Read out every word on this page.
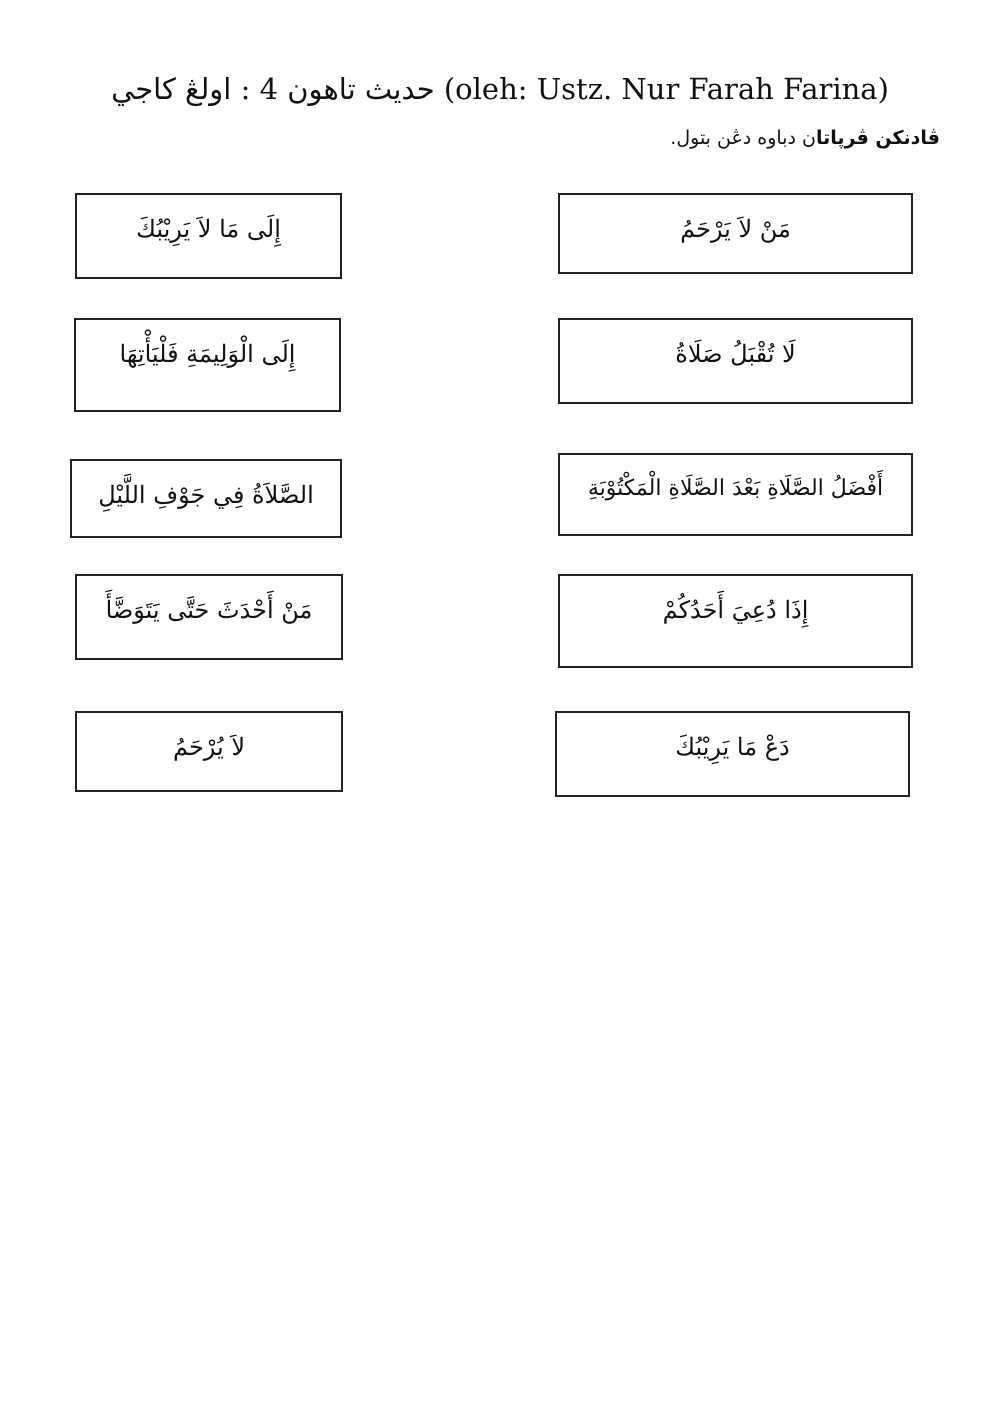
حديث تاهون 4 : اولڠ كاجي (oleh: Ustz. Nur Farah Farina)
ڤادنكن ڤرڽاتان دباوه دڠن بتول.
إِلَى مَا لاَ يَرِيْبُكَ
إِلَى الْوَلِيمَةِ فَلْيَأْتِهَا
الصَّلاَةُ فِي جَوْفِ اللَّيْلِ
مَنْ أَحْدَثَ حَتَّى يَتَوَضَّأَ
لاَ يُرْحَمُ
مَنْ لاَ يَرْحَمُ
لَا تُقْبَلُ صَلَاةُ
أَفْضَلُ الصَّلَاةِ بَعْدَ الصَّلَاةِ الْمَكْتُوْبَةِ
إِذَا دُعِيَ أَحَدُكُمْ
دَعْ مَا يَرِيْبُكَ
